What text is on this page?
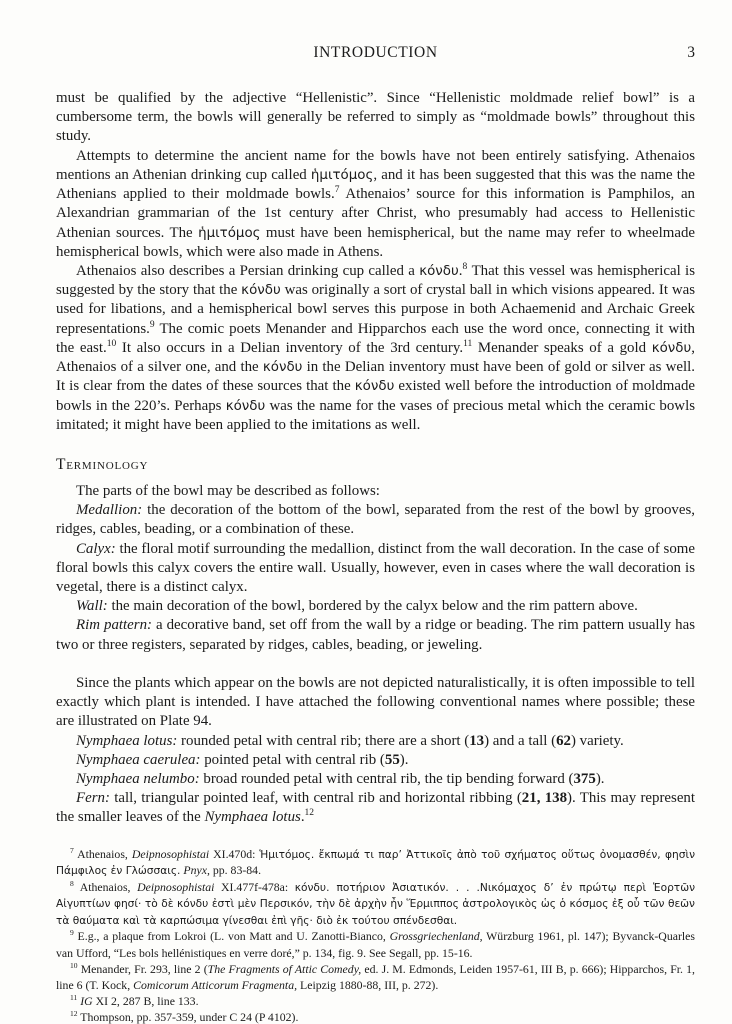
INTRODUCTION	3

must be qualified by the adjective “Hellenistic”. Since “Hellenistic moldmade relief bowl” is a cumbersome term, the bowls will generally be referred to simply as “moldmade bowls” throughout this study.

Attempts to determine the ancient name for the bowls have not been entirely satisfying. Athenaios mentions an Athenian drinking cup called ἡμιτόμος, and it has been suggested that this was the name the Athenians applied to their moldmade bowls.$^7$ Athenaios’ source for this information is Pamphilos, an Alexandrian grammarian of the 1st century after Christ, who presumably had access to Hellenistic Athenian sources. The ἡμιτόμος must have been hemispherical, but the name may refer to wheelmade hemispherical bowls, which were also made in Athens.

Athenaios also describes a Persian drinking cup called a κόνδυ.$^8$ That this vessel was hemispherical is suggested by the story that the κόνδυ was originally a sort of crystal ball in which visions appeared. It was used for libations, and a hemispherical bowl serves this purpose in both Achaemenid and Archaic Greek representations.$^9$ The comic poets Menander and Hipparchos each use the word once, connecting it with the east.$^{10}$ It also occurs in a Delian inventory of the 3rd century.$^{11}$ Menander speaks of a gold κόνδυ, Athenaios of a silver one, and the κόνδυ in the Delian inventory must have been of gold or silver as well. It is clear from the dates of these sources that the κόνδυ existed well before the introduction of moldmade bowls in the 220’s. Perhaps κόνδυ was the name for the vases of precious metal which the ceramic bowls imitated; it might have been applied to the imitations as well.

Terminology

The parts of the bowl may be described as follows:

Medallion: the decoration of the bottom of the bowl, separated from the rest of the bowl by grooves, ridges, cables, beading, or a combination of these.

Calyx: the floral motif surrounding the medallion, distinct from the wall decoration. In the case of some floral bowls this calyx covers the entire wall. Usually, however, even in cases where the wall decoration is vegetal, there is a distinct calyx.

Wall: the main decoration of the bowl, bordered by the calyx below and the rim pattern above.

Rim pattern: a decorative band, set off from the wall by a ridge or beading. The rim pattern usually has two or three registers, separated by ridges, cables, beading, or jeweling.

Since the plants which appear on the bowls are not depicted naturalistically, it is often impossible to tell exactly which plant is intended. I have attached the following conventional names where possible; these are illustrated on Plate 94.

Nymphaea lotus: rounded petal with central rib; there are a short (13) and a tall (62) variety.

Nymphaea caerulea: pointed petal with central rib (55).

Nymphaea nelumbo: broad rounded petal with central rib, the tip bending forward (375).

Fern: tall, triangular pointed leaf, with central rib and horizontal ribbing (21, 138). This may represent the smaller leaves of the Nymphaea lotus.$^{12}$

$^7$ Athenaios, Deipnosophistai XI.470d: Ἡμιτόμος. ἔκπωμά τι παρ’ Ἀττικοῖς ἀπὸ τοῦ σχήματος οὕτως ὀνομασθέν, φησὶν Πάμφιλος ἐν Γλώσσαις. Pnyx, pp. 83-84.

$^8$ Athenaios, Deipnosophistai XI.477f-478a: κόνδυ. ποτήριον Ἀσιατικόν. . . .Νικόμαχος δ’ ἐν πρώτῳ περὶ Ἑορτῶν Αἰγυπτίων φησί· τὸ δὲ κόνδυ ἐστὶ μὲν Περσικόν, τὴν δὲ ἀρχὴν ἦν Ἕρμιππος ἀστρολογικὸς ὡς ὁ κόσμος ἐξ οὗ τῶν θεῶν τὰ θαύματα καὶ τὰ καρπώσιμα γίνεσθαι ἐπὶ γῆς· διὸ ἐκ τούτου σπένδεσθαι.

$^9$ E.g., a plaque from Lokroi (L. von Matt and U. Zanotti-Bianco, Grossgriechenland, Würzburg 1961, pl. 147); Byvanck-Quarles van Ufford, “Les bols hellénistiques en verre doré,” p. 134, fig. 9. See Segall, pp. 15-16.

$^{10}$ Menander, Fr. 293, line 2 (The Fragments of Attic Comedy, ed. J. M. Edmonds, Leiden 1957-61, III B, p. 666); Hipparchos, Fr. 1, line 6 (T. Kock, Comicorum Atticorum Fragmenta, Leipzig 1880-88, III, p. 272).

$^{11}$ IG XI 2, 287 B, line 133.

$^{12}$ Thompson, pp. 357-359, under C 24 (P 4102).
